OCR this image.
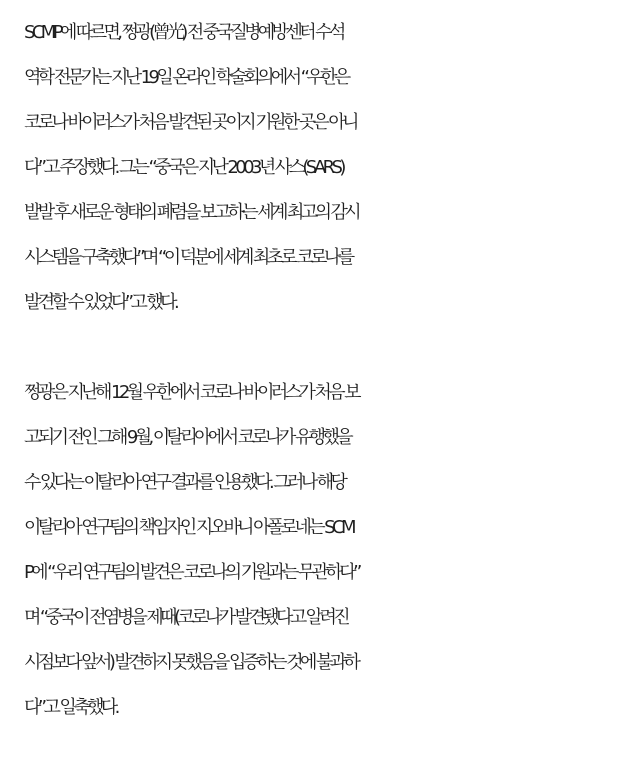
SCMP에 따르면, 쩡광(曾光) 전 중국질병예방센터 수석
역학 전문가는 지난 19일 온라인 학술회의에서 “우한은
코로나 바이러스가 처음 발견된 곳이지 기원한 곳은 아니
다”고 주장했다. 그는 “중국은 지난 2003년 사스(SARS)
발발 후 새로운 형태의 폐렴을 보고하는 세계 최고의 감시
시스템을 구축했다”며 “이 덕분에 세계 최초로 코로나를
발견할 수 있었다”고 했다.
쩡광은 지난해 12월 우한에서 코로나 바이러스가 처음 보
고되기 전인 그해 9월, 이탈리아에서 코로나가 유행했을
수 있다는 이탈리아 연구 결과를 인용했다. 그러나 해당
이탈리아 연구팀의 책임자인 지오바니 아폴로네는 SCM
P에 “우리 연구팀의 발견은 코로나의 기원과는 무관하다”
며 “중국이 전염병을 제때(코로나가 발견됐다고 알려진
시점보다 앞서) 발견하지 못했음을 입증하는 것에 불과하
다”고 일축했다.
